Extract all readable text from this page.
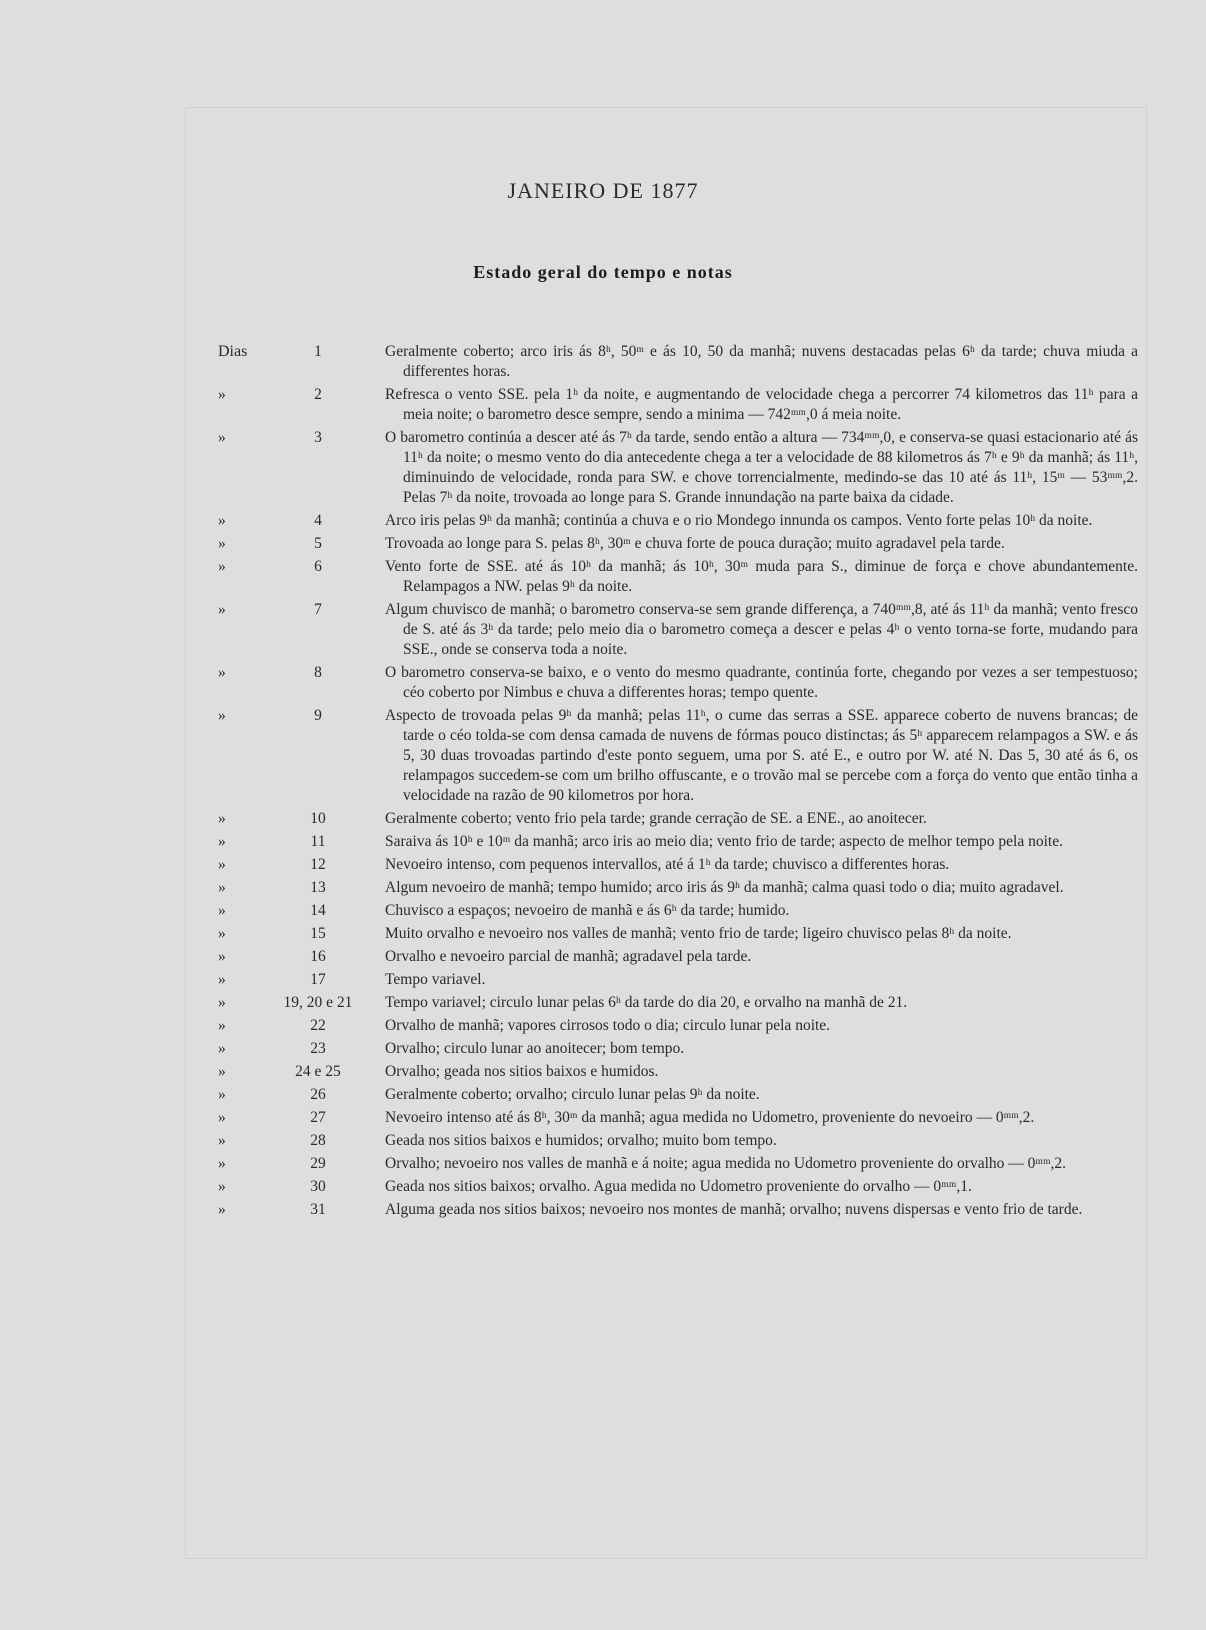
JANEIRO DE 1877
Estado geral do tempo e notas
Dias	1	Geralmente coberto; arco iris ás 8ʰ, 50ᵐ e ás 10, 50 da manhã; nuvens destacadas pelas 6ʰ da tarde; chuva miuda a differentes horas.
»	2	Refresca o vento SSE. pela 1ʰ da noite, e augmentando de velocidade chega a percorrer 74 kilometros das 11ʰ para a meia noite; o barometro desce sempre, sendo a minima — 742ᵐᵐ,0 á meia noite.
»	3	O barometro continúa a descer até ás 7ʰ da tarde, sendo então a altura — 734ᵐᵐ,0, e conserva-se quasi estacionario até ás 11ʰ da noite; o mesmo vento do dia antecedente chega a ter a velocidade de 88 kilometros ás 7ʰ e 9ʰ da manhã; ás 11ʰ, diminuindo de velocidade, ronda para SW. e chove torrencialmente, medindo-se das 10 até ás 11ʰ, 15ᵐ — 53ᵐᵐ,2. Pelas 7ʰ da noite, trovoada ao longe para S. Grande innundação na parte baixa da cidade.
»	4	Arco iris pelas 9ʰ da manhã; continúa a chuva e o rio Mondego innunda os campos. Vento forte pelas 10ʰ da noite.
»	5	Trovoada ao longe para S. pelas 8ʰ, 30ᵐ e chuva forte de pouca duração; muito agradavel pela tarde.
»	6	Vento forte de SSE. até ás 10ʰ da manhã; ás 10ʰ, 30ᵐ muda para S., diminue de força e chove abundantemente. Relampagos a NW. pelas 9ʰ da noite.
»	7	Algum chuvisco de manhã; o barometro conserva-se sem grande differença, a 740ᵐᵐ,8, até ás 11ʰ da manhã; vento fresco de S. até ás 3ʰ da tarde; pelo meio dia o barometro começa a descer e pelas 4ʰ o vento torna-se forte, mudando para SSE., onde se conserva toda a noite.
»	8	O barometro conserva-se baixo, e o vento do mesmo quadrante, continúa forte, chegando por vezes a ser tempestuoso; céo coberto por Nimbus e chuva a differentes horas; tempo quente.
»	9	Aspecto de trovoada pelas 9ʰ da manhã; pelas 11ʰ, o cume das serras a SSE. apparece coberto de nuvens brancas; de tarde o céo tolda-se com densa camada de nuvens de fórmas pouco distinctas; ás 5ʰ apparecem relampagos a SW. e ás 5, 30 duas trovoadas partindo d'este ponto seguem, uma por S. até E., e outro por W. até N. Das 5, 30 até ás 6, os relampagos succedem-se com um brilho offuscante, e o trovão mal se percebe com a força do vento que então tinha a velocidade na razão de 90 kilometros por hora.
»	10	Geralmente coberto; vento frio pela tarde; grande cerração de SE. a ENE., ao anoitecer.
»	11	Saraiva ás 10ʰ e 10ᵐ da manhã; arco iris ao meio dia; vento frio de tarde; aspecto de melhor tempo pela noite.
»	12	Nevoeiro intenso, com pequenos intervallos, até á 1ʰ da tarde; chuvisco a differentes horas.
»	13	Algum nevoeiro de manhã; tempo humido; arco iris ás 9ʰ da manhã; calma quasi todo o dia; muito agradavel.
»	14	Chuvisco a espaços; nevoeiro de manhã e ás 6ʰ da tarde; humido.
»	15	Muito orvalho e nevoeiro nos valles de manhã; vento frio de tarde; ligeiro chuvisco pelas 8ʰ da noite.
»	16	Orvalho e nevoeiro parcial de manhã; agradavel pela tarde.
»	17	Tempo variavel.
»	19, 20 e 21	Tempo variavel; circulo lunar pelas 6ʰ da tarde do dia 20, e orvalho na manhã de 21.
»	22	Orvalho de manhã; vapores cirrosos todo o dia; circulo lunar pela noite.
»	23	Orvalho; circulo lunar ao anoitecer; bom tempo.
»	24 e 25	Orvalho; geada nos sitios baixos e humidos.
»	26	Geralmente coberto; orvalho; circulo lunar pelas 9ʰ da noite.
»	27	Nevoeiro intenso até ás 8ʰ, 30ᵐ da manhã; agua medida no Udometro, proveniente do nevoeiro — 0ᵐᵐ,2.
»	28	Geada nos sitios baixos e humidos; orvalho; muito bom tempo.
»	29	Orvalho; nevoeiro nos valles de manhã e á noite; agua medida no Udometro proveniente do orvalho — 0ᵐᵐ,2.
»	30	Geada nos sitios baixos; orvalho. Agua medida no Udometro proveniente do orvalho — 0ᵐᵐ,1.
»	31	Alguma geada nos sitios baixos; nevoeiro nos montes de manhã; orvalho; nuvens dispersas e vento frio de tarde.
